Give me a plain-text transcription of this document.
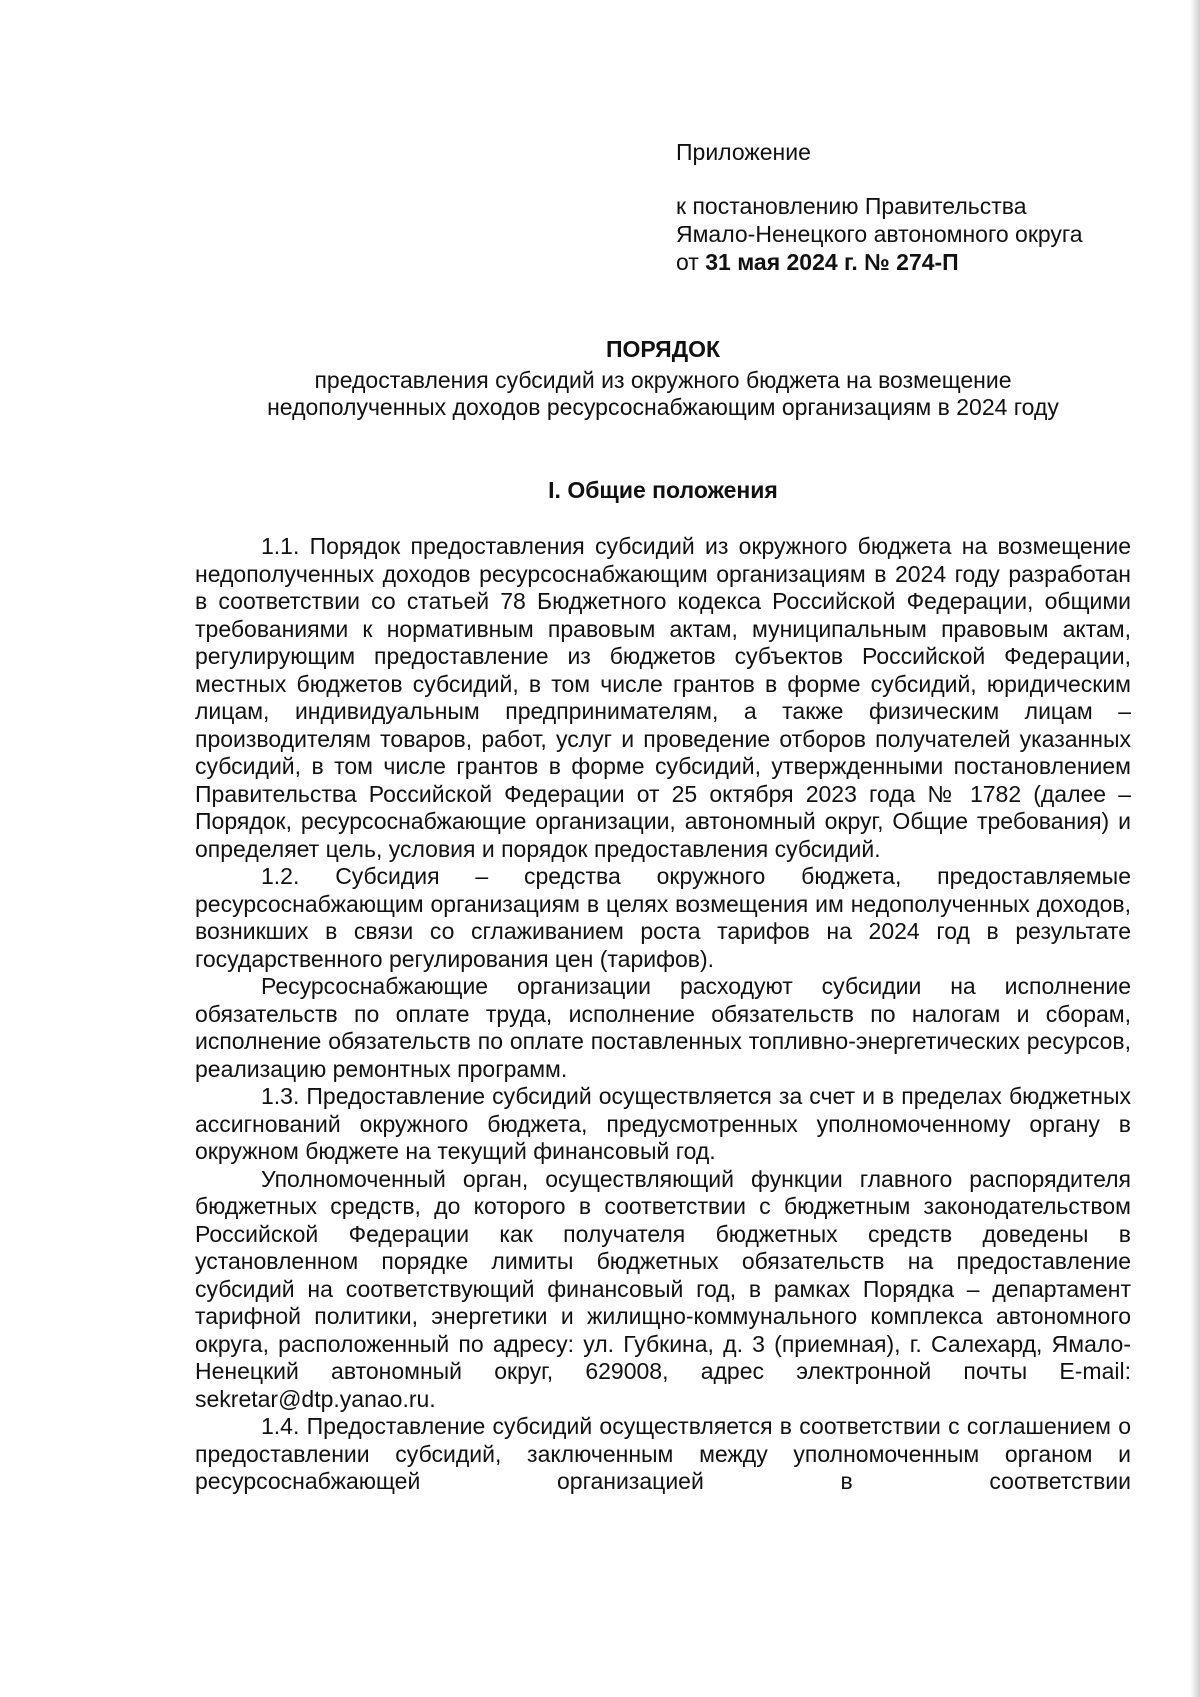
Приложение
к постановлению Правительства
Ямало-Ненецкого автономного округа
от 31 мая 2024 г. № 274-П
ПОРЯДОК
предоставления субсидий из окружного бюджета на возмещение
недополученных доходов ресурсоснабжающим организациям в 2024 году
I. Общие положения

1.1. Порядок предоставления субсидий из окружного бюджета на возмещение недополученных доходов ресурсоснабжающим организациям в 2024 году разработан в соответствии со статьей 78 Бюджетного кодекса Российской Федерации, общими требованиями к нормативным правовым актам, муниципальным правовым актам, регулирующим предоставление из бюджетов субъектов Российской Федерации, местных бюджетов субсидий, в том числе грантов в форме субсидий, юридическим лицам, индивидуальным предпринимателям, а также физическим лицам – производителям товаров, работ, услуг и проведение отборов получателей указанных субсидий, в том числе грантов в форме субсидий, утвержденными постановлением Правительства Российской Федерации от 25 октября 2023 года № 1782 (далее – Порядок, ресурсоснабжающие организации, автономный округ, Общие требования) и определяет цель, условия и порядок предоставления субсидий.

1.2. Субсидия – средства окружного бюджета, предоставляемые ресурсоснабжающим организациям в целях возмещения им недополученных доходов, возникших в связи со сглаживанием роста тарифов на 2024 год в результате государственного регулирования цен (тарифов).

Ресурсоснабжающие организации расходуют субсидии на исполнение обязательств по оплате труда, исполнение обязательств по налогам и сборам, исполнение обязательств по оплате поставленных топливно-энергетических ресурсов, реализацию ремонтных программ.

1.3. Предоставление субсидий осуществляется за счет и в пределах бюджетных ассигнований окружного бюджета, предусмотренных уполномоченному органу в окружном бюджете на текущий финансовый год.

Уполномоченный орган, осуществляющий функции главного распорядителя бюджетных средств, до которого в соответствии с бюджетным законодательством Российской Федерации как получателя бюджетных средств доведены в установленном порядке лимиты бюджетных обязательств на предоставление субсидий на соответствующий финансовый год, в рамках Порядка – департамент тарифной политики, энергетики и жилищно-коммунального комплекса автономного округа, расположенный по адресу: ул. Губкина, д. 3 (приемная), г. Салехард, Ямало-Ненецкий автономный округ, 629008, адрес электронной почты E-mail: sekretar@dtp.yanao.ru.

1.4. Предоставление субсидий осуществляется в соответствии с соглашением о предоставлении субсидий, заключенным между уполномоченным органом и ресурсоснабжающей организацией в соответствии
